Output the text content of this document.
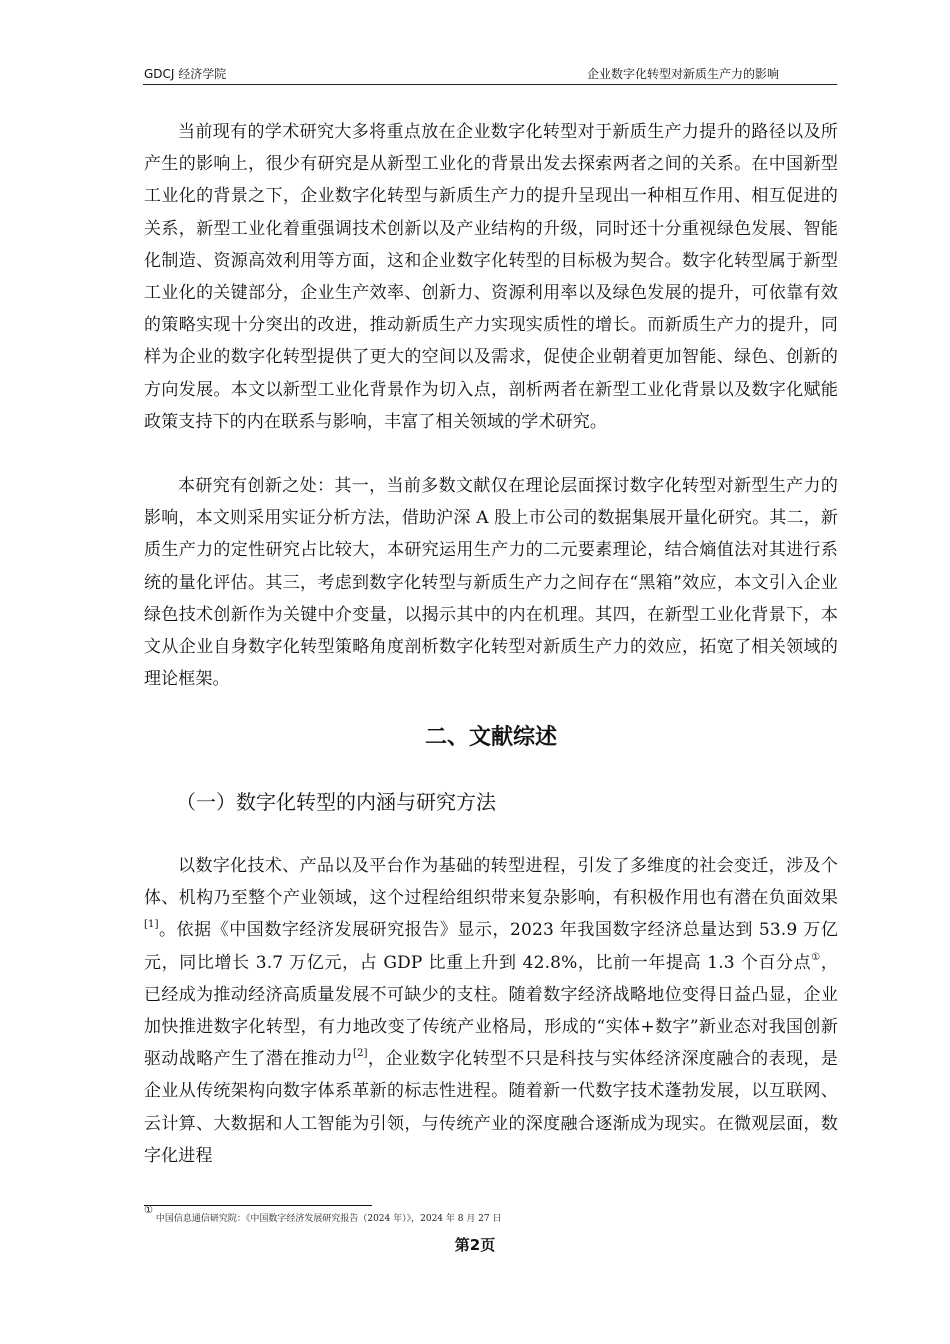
GDCJ 经济学院	企业数字化转型对新质生产力的影响

当前现有的学术研究大多将重点放在企业数字化转型对于新质生产力提升的路径以及所产生的影响上，很少有研究是从新型工业化的背景出发去探索两者之间的关系。在中国新型工业化的背景之下，企业数字化转型与新质生产力的提升呈现出一种相互作用、相互促进的关系，新型工业化着重强调技术创新以及产业结构的升级，同时还十分重视绿色发展、智能化制造、资源高效利用等方面，这和企业数字化转型的目标极为契合。数字化转型属于新型工业化的关键部分，企业生产效率、创新力、资源利用率以及绿色发展的提升，可依靠有效的策略实现十分突出的改进，推动新质生产力实现实质性的增长。而新质生产力的提升，同样为企业的数字化转型提供了更大的空间以及需求，促使企业朝着更加智能、绿色、创新的方向发展。本文以新型工业化背景作为切入点，剖析两者在新型工业化背景以及数字化赋能政策支持下的内在联系与影响，丰富了相关领域的学术研究。

本研究有创新之处：其一，当前多数文献仅在理论层面探讨数字化转型对新型生产力的影响，本文则采用实证分析方法，借助沪深 A 股上市公司的数据集展开量化研究。其二，新质生产力的定性研究占比较大，本研究运用生产力的二元要素理论，结合熵值法对其进行系统的量化评估。其三，考虑到数字化转型与新质生产力之间存在“黑箱”效应，本文引入企业绿色技术创新作为关键中介变量，以揭示其中的内在机理。其四，在新型工业化背景下，本文从企业自身数字化转型策略角度剖析数字化转型对新质生产力的效应，拓宽了相关领域的理论框架。

二、文献综述
（一）数字化转型的内涵与研究方法

以数字化技术、产品以及平台作为基础的转型进程，引发了多维度的社会变迁，涉及个体、机构乃至整个产业领域，这个过程给组织带来复杂影响，有积极作用也有潜在负面效果[1]。依据《中国数字经济发展研究报告》显示，2023 年我国数字经济总量达到 53.9 万亿元，同比增长 3.7 万亿元，占 GDP 比重上升到 42.8%，比前一年提高 1.3 个百分点①，已经成为推动经济高质量发展不可缺少的支柱。随着数字经济战略地位变得日益凸显，企业加快推进数字化转型，有力地改变了传统产业格局，形成的“实体+数字”新业态对我国创新驱动战略产生了潜在推动力[2]，企业数字化转型不只是科技与实体经济深度融合的表现，是企业从传统架构向数字体系革新的标志性进程。随着新一代数字技术蓬勃发展，以互联网、云计算、大数据和人工智能为引领，与传统产业的深度融合逐渐成为现实。在微观层面，数字化进程

① 中国信息通信研究院：《中国数字经济发展研究报告（2024 年）》，2024 年 8 月 27 日
第2页
